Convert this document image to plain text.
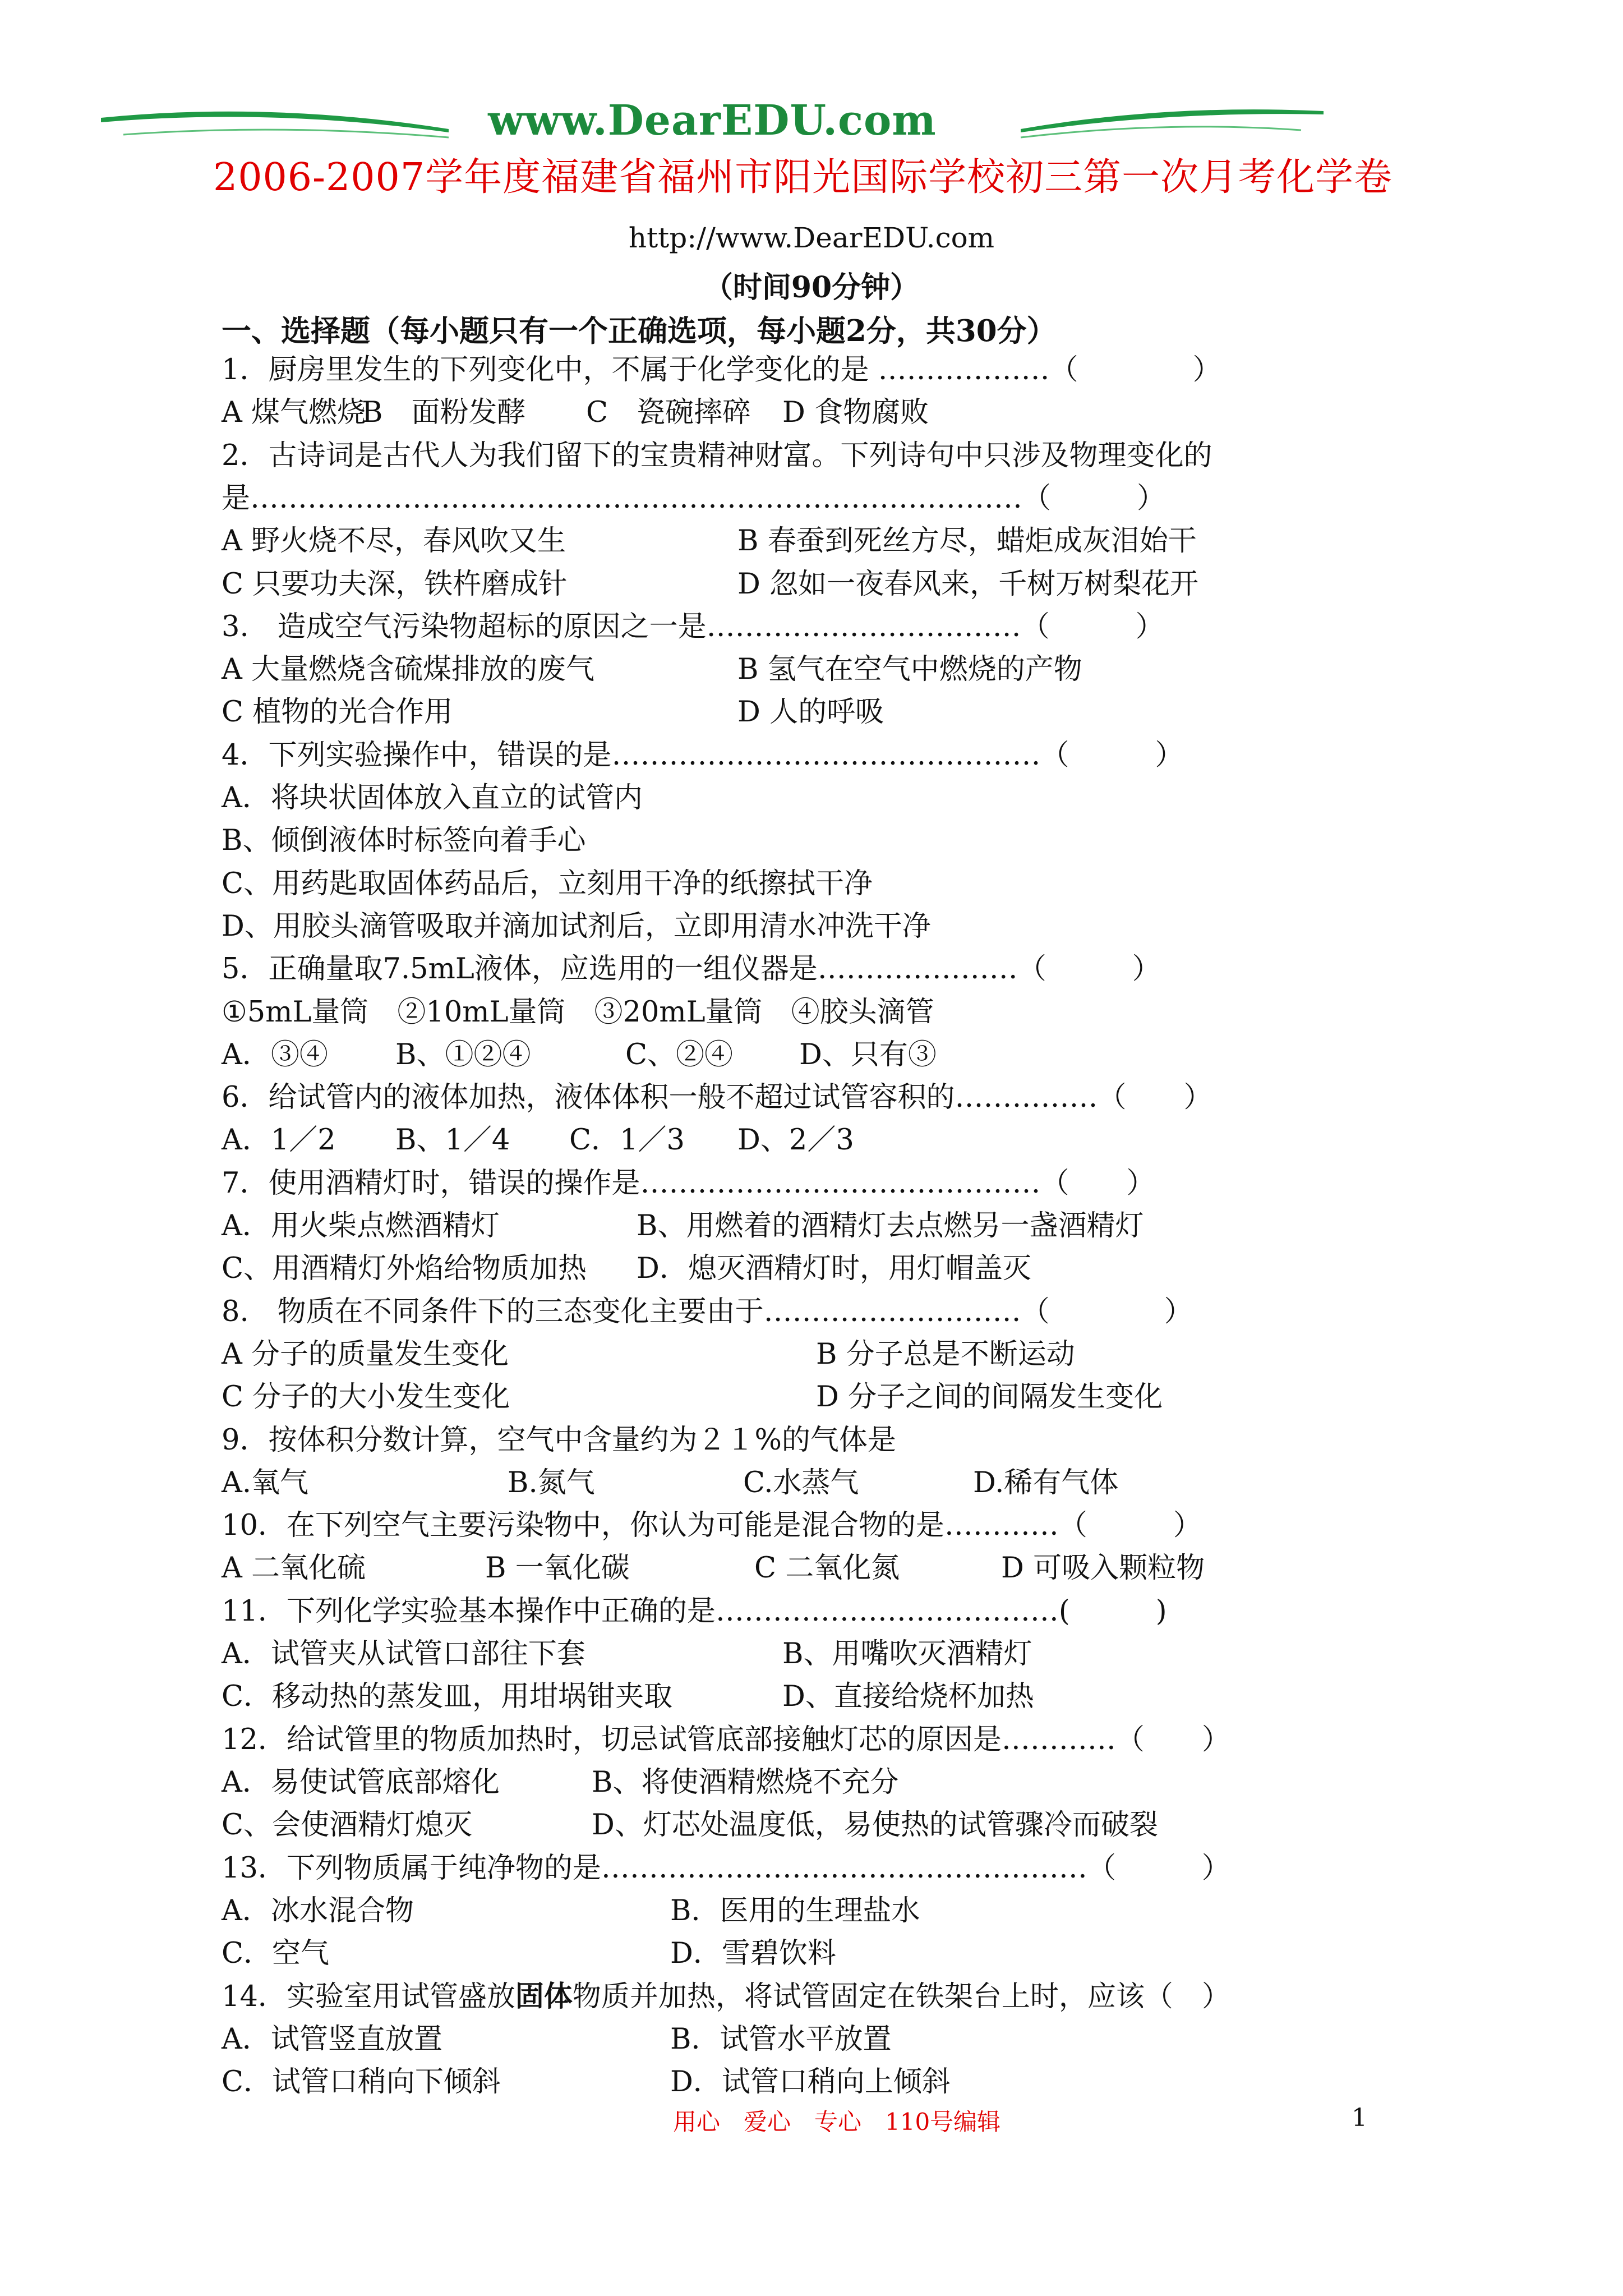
www.DearEDU.com
2006-2007学年度福建省福州市阳光国际学校初三第一次月考化学卷
http://www.DearEDU.com
（时间90分钟）
一、选择题（每小题只有一个正确选项，每小题2分，共30分）
1．厨房里发生的下列变化中，不属于化学变化的是 ………………（　　　　）
A 煤气燃烧
B　面粉发酵 C　瓷碗摔碎 D 食物腐败
2．古诗词是古代人为我们留下的宝贵精神财富。下列诗句中只涉及物理变化的
是………………………………………………………………………（　　　）
A 野火烧不尽，春风吹又生	B 春蚕到死丝方尽，蜡炬成灰泪始干
C 只要功夫深，铁杵磨成针	D 忽如一夜春风来，千树万树梨花开
3.　造成空气污染物超标的原因之一是……………………………（　　　）
A 大量燃烧含硫煤排放的废气	B 氢气在空气中燃烧的产物
C 植物的光合作用	D 人的呼吸
4．下列实验操作中，错误的是………………………………………（　　　）
A．将块状固体放入直立的试管内
B、倾倒液体时标签向着手心
C、用药匙取固体药品后，立刻用干净的纸擦拭干净
D、用胶头滴管吸取并滴加试剂后，立即用清水冲洗干净
5．正确量取7.5mL液体，应选用的一组仪器是…………………（　　　）
①5mL量筒　②10mL量筒　③20mL量筒　④胶头滴管
A．③④ B、①②④	C、②④ D、只有③
6．给试管内的液体加热，液体体积一般不超过试管容积的……………（　　）
A．1／2 B、1／4 C．1／3 D、2／3
7．使用酒精灯时，错误的操作是……………………………………（　　）
A．用火柴点燃酒精灯	B、用燃着的酒精灯去点燃另一盏酒精灯
C、用酒精灯外焰给物质加热 D．熄灭酒精灯时，用灯帽盖灭
8.　物质在不同条件下的三态变化主要由于………………………（　　　　）
A 分子的质量发生变化	B 分子总是不断运动
C 分子的大小发生变化	D 分子之间的间隔发生变化
9．按体积分数计算，空气中含量约为２１%的气体是
A.氧气	B.氮气	C.水蒸气	D.稀有气体
10．在下列空气主要污染物中，你认为可能是混合物的是…………（　　　）
A 二氧化硫	B 一氧化碳	C 二氧化氮	D 可吸入颗粒物
11．下列化学实验基本操作中正确的是………………………………(　　　)
A．试管夹从试管口部往下套	B、用嘴吹灭酒精灯
C．移动热的蒸发皿，用坩埚钳夹取	D、直接给烧杯加热
12．给试管里的物质加热时，切忌试管底部接触灯芯的原因是…………（　　）
A．易使试管底部熔化	B、将使酒精燃烧不充分
C、会使酒精灯熄灭	D、灯芯处温度低，易使热的试管骤冷而破裂
13．下列物质属于纯净物的是……………………………………………（　　　）
A．冰水混合物	B．医用的生理盐水
C．空气	D．雪碧饮料
14．实验室用试管盛放固体物质并加热，将试管固定在铁架台上时，应该（　）
A．试管竖直放置	B．试管水平放置
C．试管口稍向下倾斜	D．试管口稍向上倾斜
用心　爱心　专心　110号编辑	1
